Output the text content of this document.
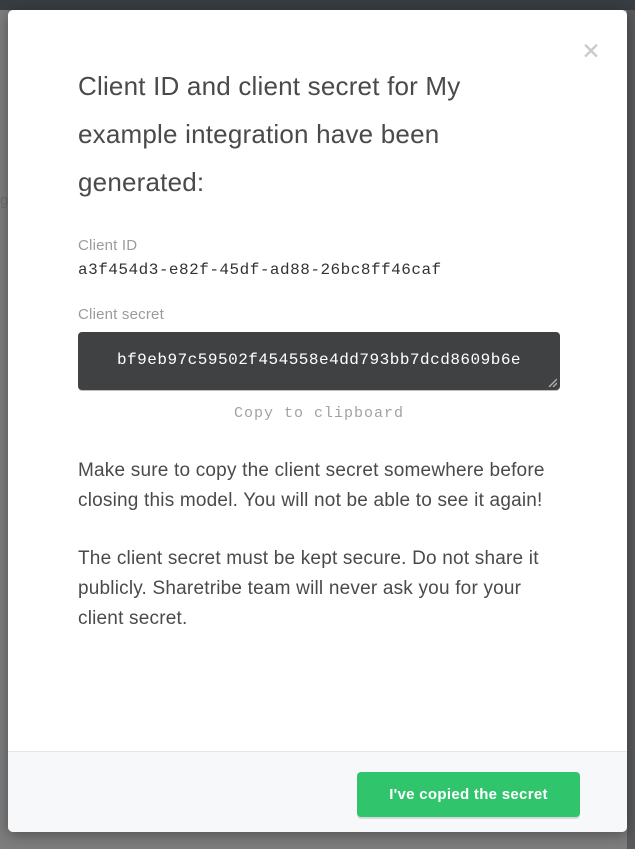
g
✕
Client ID and client secret for My example integration have been generated:
Client ID
a3f454d3-e82f-45df-ad88-26bc8ff46caf
Client secret
bf9eb97c59502f454558e4dd793bb7dcd8609b6e
Copy to clipboard

Make sure to copy the client secret somewhere before closing this model. You will not be able to see it again!

The client secret must be kept secure. Do not share it publicly. Sharetribe team will never ask you for your client secret.

I've copied the secret
